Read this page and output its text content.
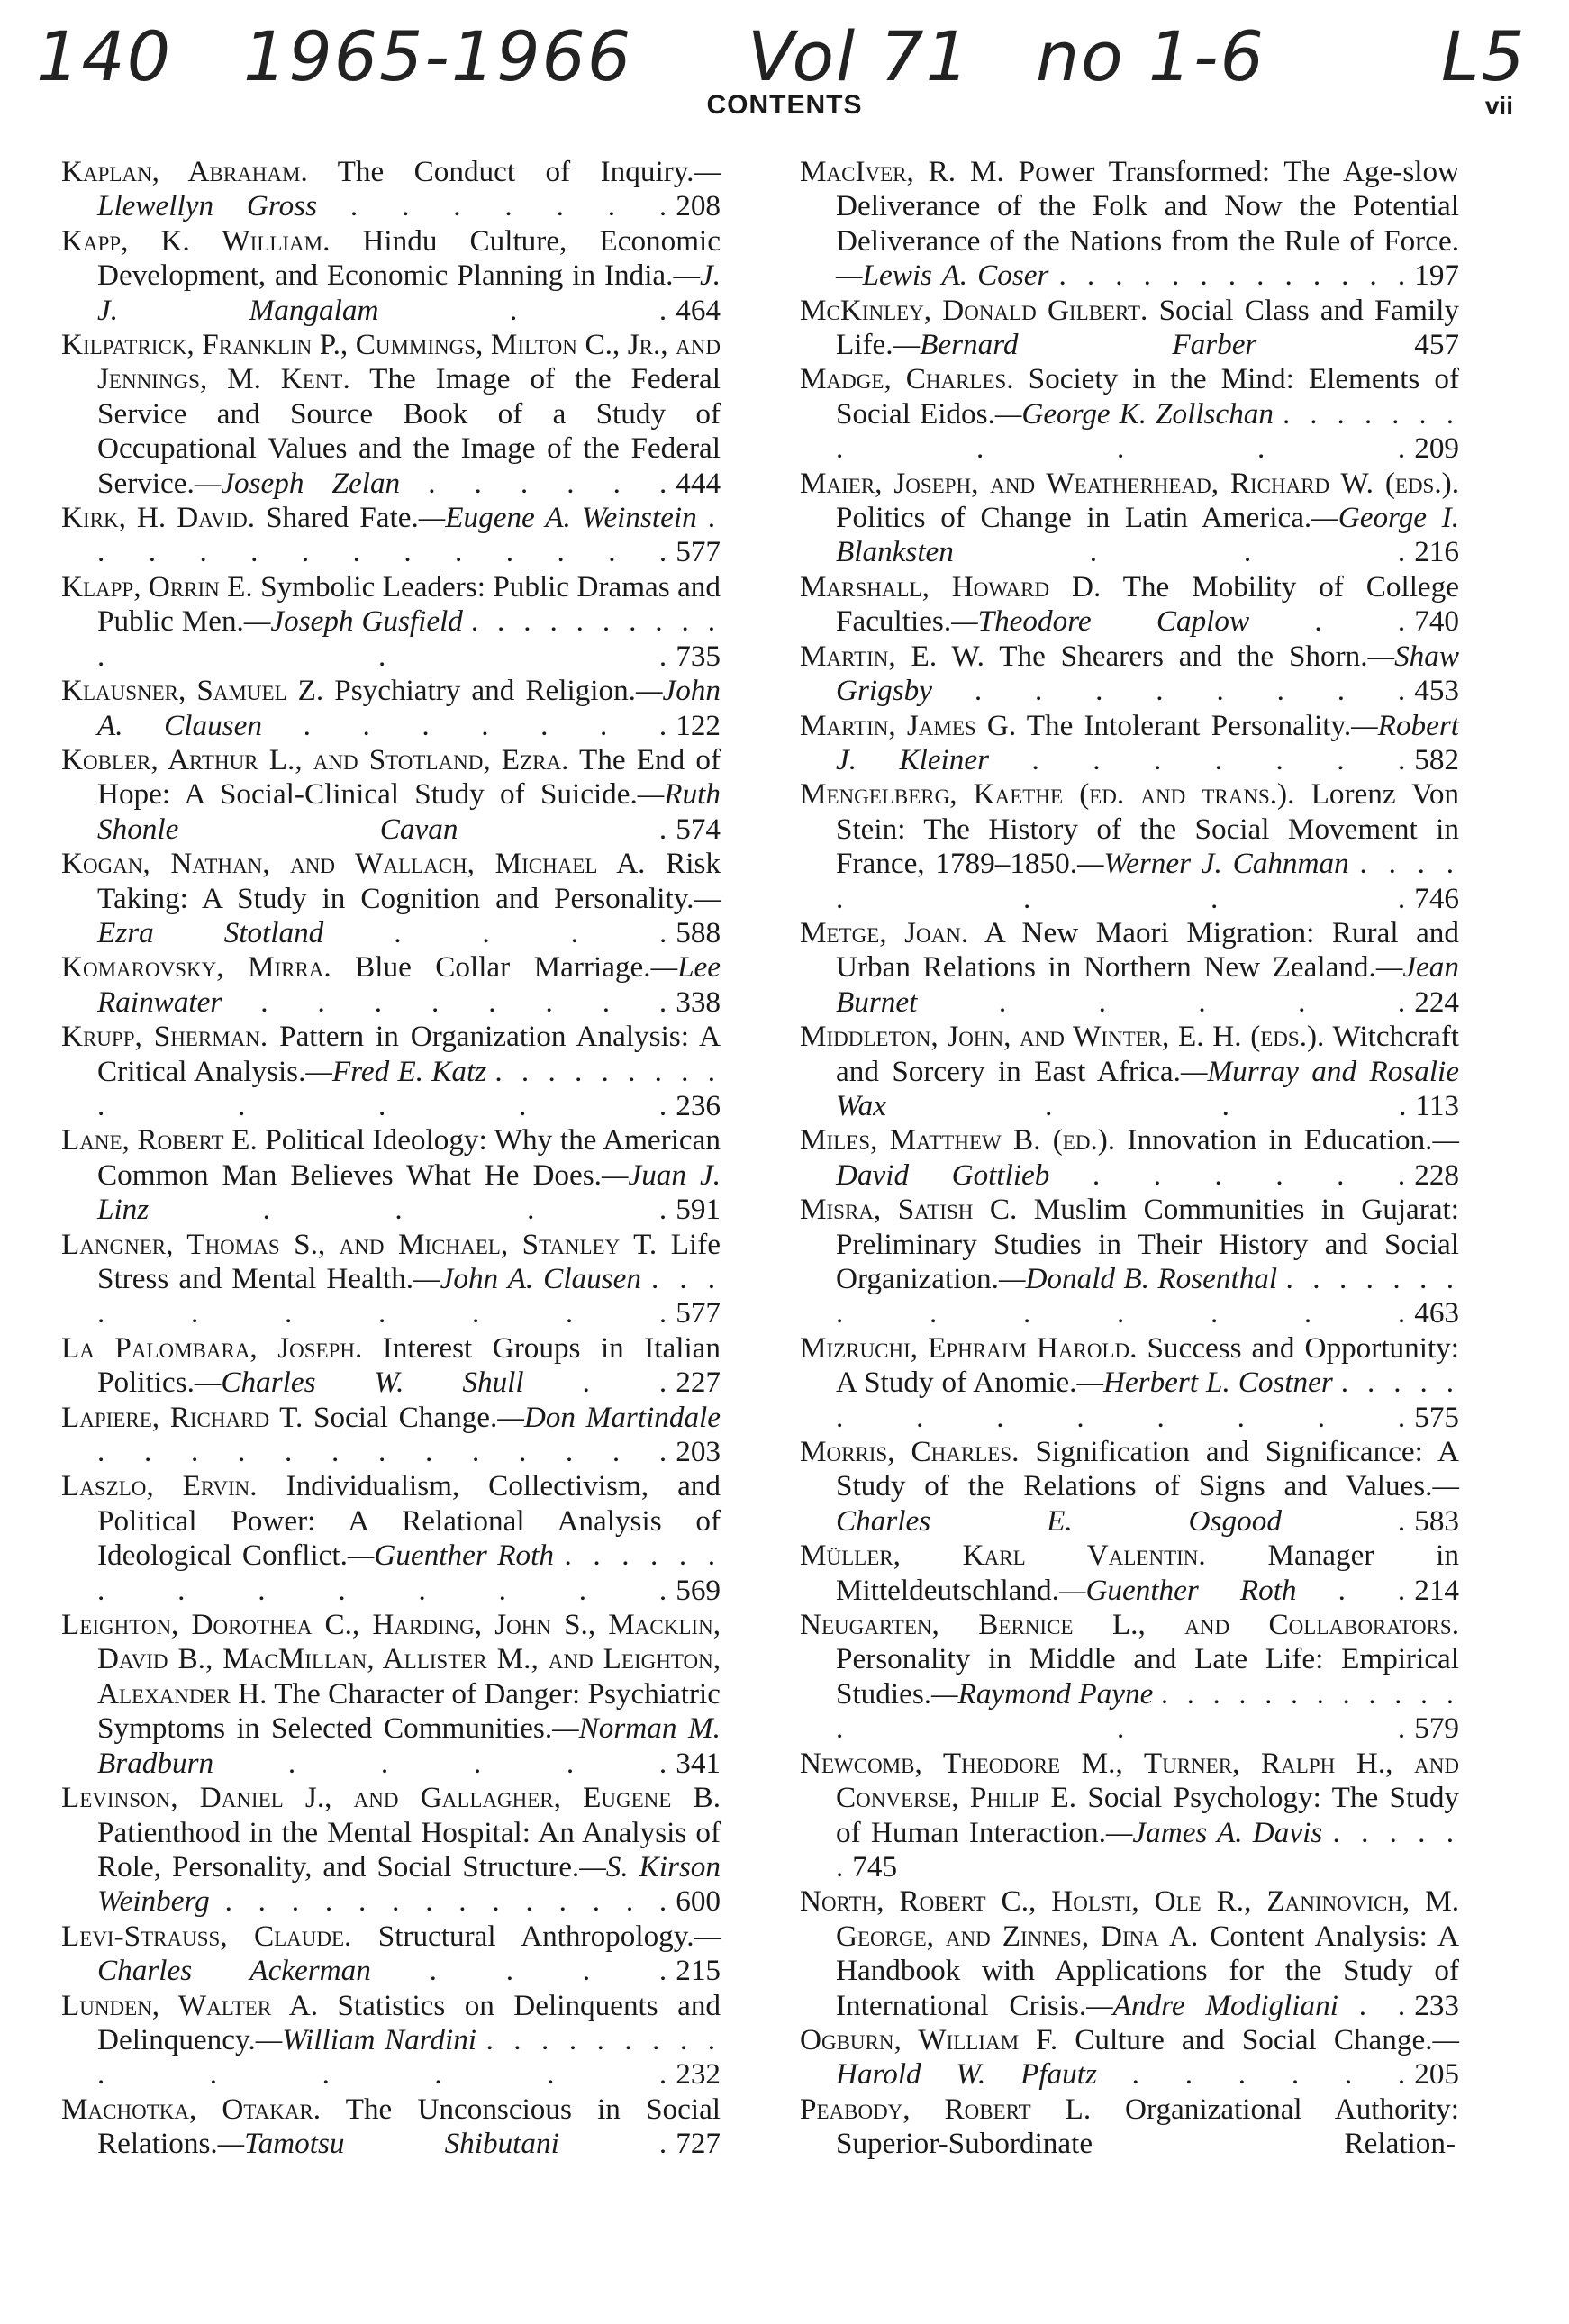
140 1965-1966 Vol 71 no 1-6	L5
CONTENTS	vii

Kaplan, Abraham. The Conduct of Inquiry.—Llewellyn Gross . . . . . . . 208

Kapp, K. William. Hindu Culture, Economic Development, and Economic Planning in India.—J. J. Mangalam	. . 464

Kilpatrick, Franklin P., Cummings, Milton C., Jr., and Jennings, M. Kent. The Image of the Federal Service and Source Book of a Study of Occupational Values and the Image of the Federal Service.—Joseph Zelan . . . . . . 444

Kirk, H. David. Shared Fate.—Eugene A. Weinstein . . . . . . . . . . . . . 577

Klapp, Orrin E. Symbolic Leaders: Public Dramas and Public Men.—Joseph Gusfield . . . . . . . . . . . . . 735

Klausner, Samuel Z. Psychiatry and Religion.—John A. Clausen . . . . . . . 122

Kobler, Arthur L., and Stotland, Ezra. The End of Hope: A Social-Clinical Study of Suicide.—Ruth Shonle Cavan	. 574

Kogan, Nathan, and Wallach, Michael A. Risk Taking: A Study in Cognition and Personality.—Ezra Stotland . . . . 588

Komarovsky, Mirra. Blue Collar Marriage.—Lee Rainwater . . . . . . . . 338

Krupp, Sherman. Pattern in Organization Analysis: A Critical Analysis.—Fred E. Katz . . . . . . . . . . . . . . 236

Lane, Robert E. Political Ideology: Why the American Common Man Believes What He Does.—Juan J. Linz	. . . . 591

Langner, Thomas S., and Michael, Stanley T. Life Stress and Mental Health.—John A. Clausen . . . . . . . . . . 577

La Palombara, Joseph. Interest Groups in Italian Politics.—Charles W. Shull . . 227

Lapiere, Richard T. Social Change.—Don Martindale . . . . . . . . . . . . . 203

Laszlo, Ervin. Individualism, Collectivism, and Political Power: A Relational Analysis of Ideological Conflict.—Guenther Roth . . . . . . . . . . . . . . 569

Leighton, Dorothea C., Harding, John S., Macklin, David B., MacMillan, Allister M., and Leighton, Alexander H. The Character of Danger: Psychiatric Symptoms in Selected Communities.—Norman M. Bradburn . . . . . 341

Levinson, Daniel J., and Gallagher, Eugene B. Patienthood in the Mental Hospital: An Analysis of Role, Personality, and Social Structure.—S. Kirson Weinberg . . . . . . . . . . . . . . 600

Levi-Strauss, Claude. Structural Anthropology.—Charles Ackerman . . . . 215

Lunden, Walter A. Statistics on Delinquents and Delinquency.—William Nardini . . . . . . . . . . . . . . . 232

Machotka, Otakar. The Unconscious in Social Relations.—Tamotsu Shibutani	. 727

MacIver, R. M. Power Transformed: The Age-slow Deliverance of the Folk and Now the Potential Deliverance of the Nations from the Rule of Force.—Lewis A. Coser . . . . . . . . . . . . . 197

McKinley, Donald Gilbert. Social Class and Family Life.—Bernard Farber	457

Madge, Charles. Society in the Mind: Elements of Social Eidos.—George K. Zollschan . . . . . . . . . . . . 209

Maier, Joseph, and Weatherhead, Richard W. (eds.). Politics of Change in Latin America.—George I. Blanksten	. . . 216

Marshall, Howard D. The Mobility of College Faculties.—Theodore Caplow . . 740

Martin, E. W. The Shearers and the Shorn.—Shaw Grigsby . . . . . . . . 453

Martin, James G. The Intolerant Personality.—Robert J. Kleiner . . . . . . . 582

Mengelberg, Kaethe (ed. and trans.). Lorenz Von Stein: The History of the Social Movement in France, 1789–1850.—Werner J. Cahnman . . . . . . . . 746

Metge, Joan. A New Maori Migration: Rural and Urban Relations in Northern New Zealand.—Jean Burnet	. . . . . 224

Middleton, John, and Winter, E. H. (eds.). Witchcraft and Sorcery in East Africa.—Murray and Rosalie Wax	. . . 113

Miles, Matthew B. (ed.). Innovation in Education.—David Gottlieb . . . . . . 228

Misra, Satish C. Muslim Communities in Gujarat: Preliminary Studies in Their History and Social Organization.—Donald B. Rosenthal . . . . . . . . . . . . . . 463

Mizruchi, Ephraim Harold. Success and Opportunity: A Study of Anomie.—Herbert L. Costner . . . . . . . . . . . . . 575

Morris, Charles. Signification and Significance: A Study of the Relations of Signs and Values.—Charles E. Osgood	. 583

Müller, Karl Valentin. Manager in Mitteldeutschland.—Guenther Roth . . 214

Neugarten, Bernice L., and Collaborators. Personality in Middle and Late Life: Empirical Studies.—Raymond Payne . . . . . . . . . . . . . . . 579

Newcomb, Theodore M., Turner, Ralph H., and Converse, Philip E. Social Psychology: The Study of Human Interaction.—James A. Davis . . . . . . 745

North, Robert C., Holsti, Ole R., Zaninovich, M. George, and Zinnes, Dina A. Content Analysis: A Handbook with Applications for the Study of International Crisis.—Andre Modigliani . . 233

Ogburn, William F. Culture and Social Change.—Harold W. Pfautz . . . . . . 205

Peabody, Robert L. Organizational Authority: Superior-Subordinate Relation-
